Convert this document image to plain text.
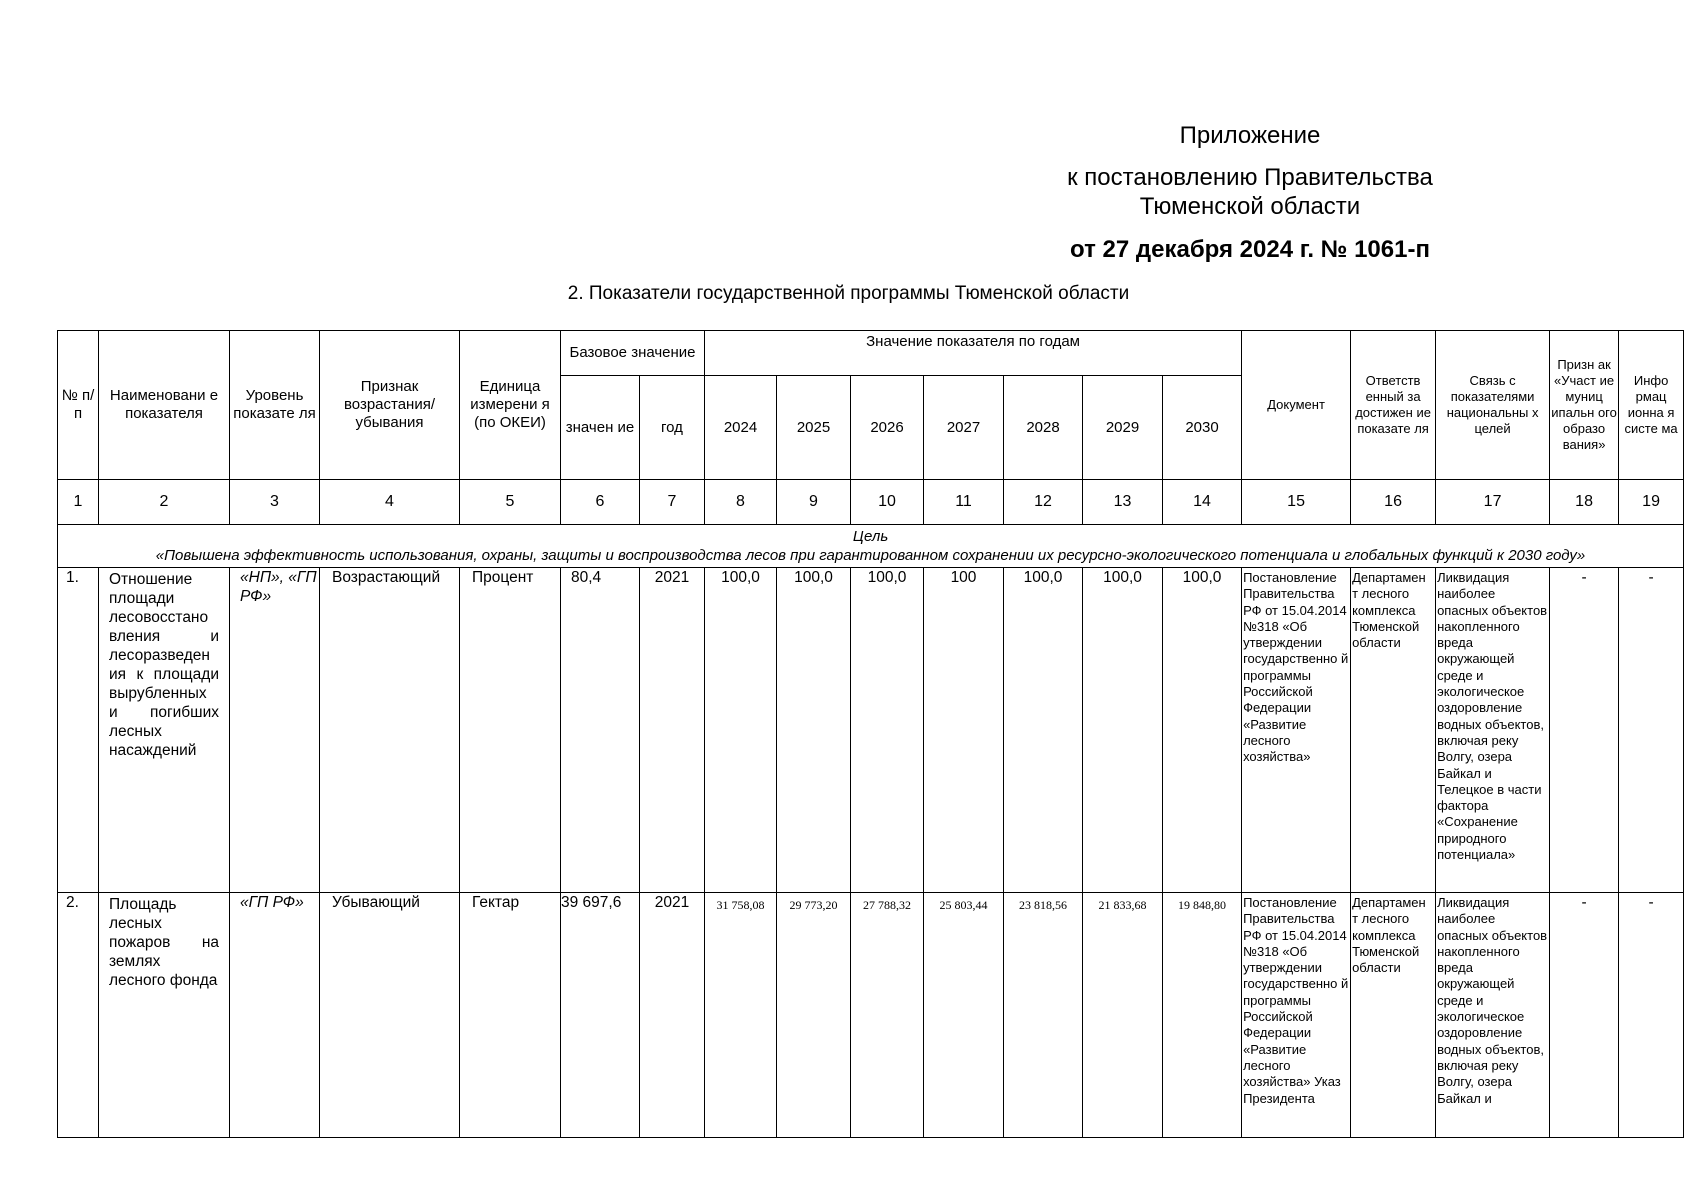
Приложение
к постановлению Правительства
Тюменской области
от 27 декабря 2024 г. № 1061-п
2. Показатели государственной программы Тюменской области
№ п/п	Наименовани е показателя	Уровень показате ля	Признак возрастания/ убывания	Единица измерени я (по ОКЕИ)	Базовое значение		Значение показателя по годам							Документ	Ответств енный за достижен ие показате ля	Связь с показателями национальны х целей	Призн ак «Участ ие муниц ипальн ого образо вания»	Инфо рмац ионна я систе ма
					значен ие	год	2024	2025	2026	2027	2028	2029	2030					
1	2	3	4	5	6	7	8	9	10	11	12	13	14	15	16	17	18	19

Цель
«Повышена эффективность использования, охраны, защиты и воспроизводства лесов при гарантированном сохранении их ресурсно-экологического потенциала и глобальных функций к 2030 году»																		

1.	Отношение площади лесовосстано вления и лесоразведен ия к площади вырубленных и погибших лесных насаждений	«НП», «ГП РФ»	Возрастающий	Процент	80,4	2021	100,0	100,0	100,0	100	100,0	100,0	100,0	Постановление Правительства РФ от 15.04.2014 №318 «Об утверждении государственно й программы Российской Федерации «Развитие лесного хозяйства»	Департамен т лесного комплекса Тюменской области	Ликвидация наиболее опасных объектов накопленного вреда окружающей среде и экологическое оздоровление водных объектов, включая реку Волгу, озера Байкал и Телецкое в части фактора «Сохранение природного потенциала»	-	-
2.	Площадь лесных пожаров на землях лесного фонда	«ГП РФ»	Убывающий	Гектар	39 697,6	2021	31 758,08	29 773,20	27 788,32	25 803,44	23 818,56	21 833,68	19 848,80	Постановление Правительства РФ от 15.04.2014 №318 «Об утверждении государственно й программы Российской Федерации «Развитие лесного хозяйства» Указ Президента	Департамен т лесного комплекса Тюменской области	Ликвидация наиболее опасных объектов накопленного вреда окружающей среде и экологическое оздоровление водных объектов, включая реку Волгу, озера Байкал и	-	-
